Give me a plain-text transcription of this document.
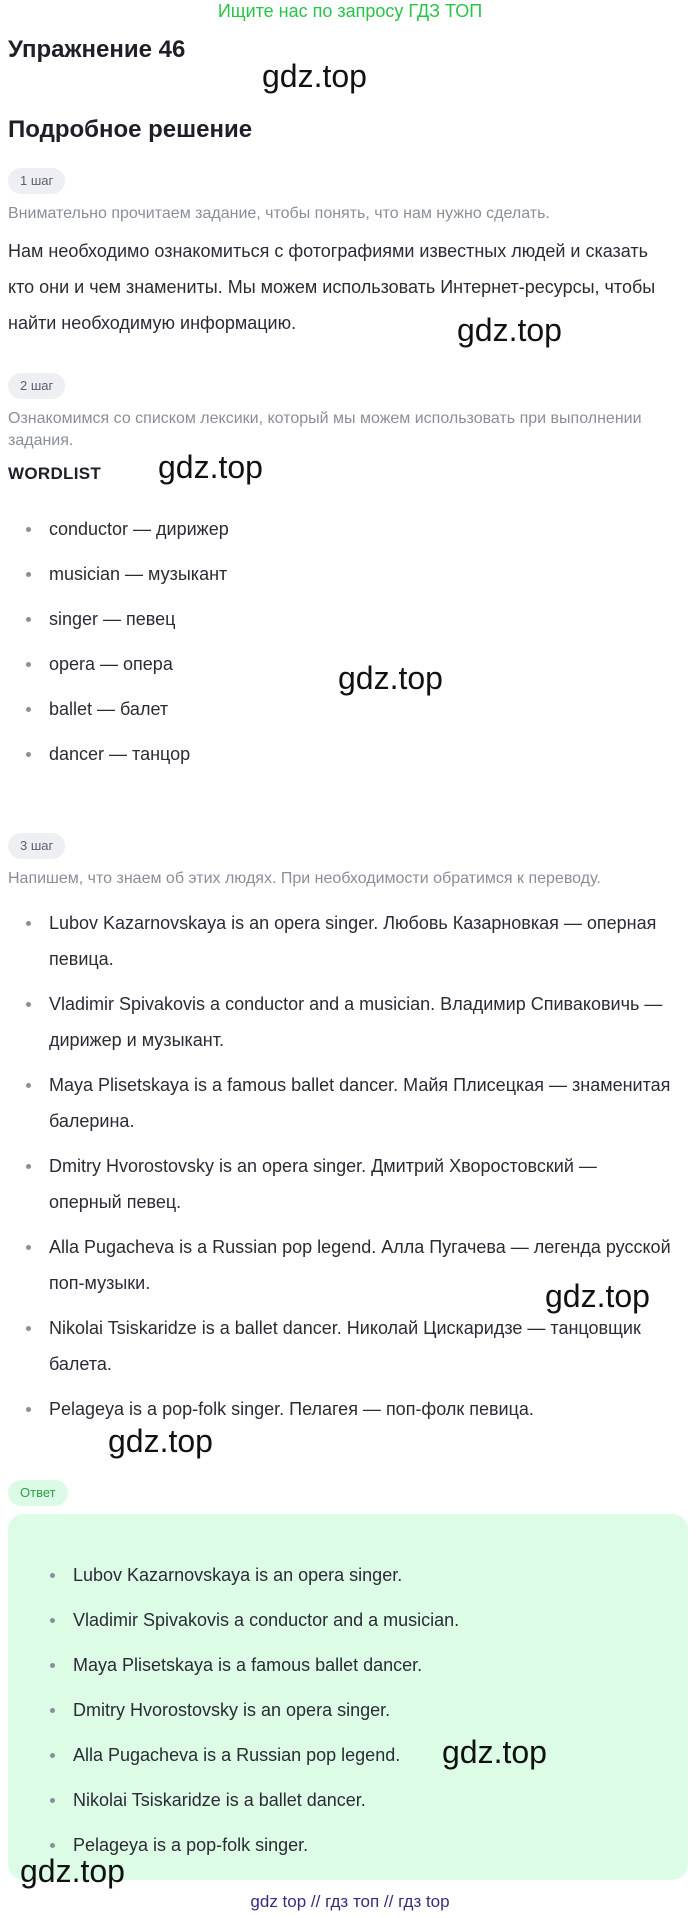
Ищите нас по запросу ГДЗ ТОП
Упражнение 46
Подробное решение
1 шаг
Внимательно прочитаем задание, чтобы понять, что нам нужно сделать.
Нам необходимо ознакомиться с фотографиями известных людей и сказать
кто они и чем знамениты. Мы можем использовать Интернет-ресурсы, чтобы
найти необходимую информацию.
2 шаг
Ознакомимся со списком лексики, который мы можем использовать при выполнении
задания.
WORDLIST
conductor — дирижер
musician — музыкант
singer — певец
opera — опера
ballet — балет
dancer — танцор
3 шаг
Напишем, что знаем об этих людях. При необходимости обратимся к переводу.
Lubov Kazarnovskaya is an opera singer. Любовь Казарновкая — оперная
певица.
Vladimir Spivakovis a conductor and a musician. Владимир Спиваковичь —
дирижер и музыкант.
Maya Plisetskaya is a famous ballet dancer. Майя Плисецкая — знаменитая
балерина.
Dmitry Hvorostovsky is an opera singer. Дмитрий Хворостовский —
оперный певец.
Alla Pugacheva is a Russian pop legend. Алла Пугачева — легенда русской
поп-музыки.
Nikolai Tsiskaridze is a ballet dancer. Николай Цискаридзе — танцовщик
балета.
Pelageya is a pop-folk singer. Пелагея — поп-фолк певица.
Ответ
Lubov Kazarnovskaya is an opera singer.
Vladimir Spivakovis a conductor and a musician.
Maya Plisetskaya is a famous ballet dancer.
Dmitry Hvorostovsky is an opera singer.
Alla Pugacheva is a Russian pop legend.
Nikolai Tsiskaridze is a ballet dancer.
Pelageya is a pop-folk singer.
gdz.top
gdz.top
gdz.top
gdz.top
gdz.top
gdz.top
gdz.top
gdz.top
gdz top // гдз топ // гдз top
